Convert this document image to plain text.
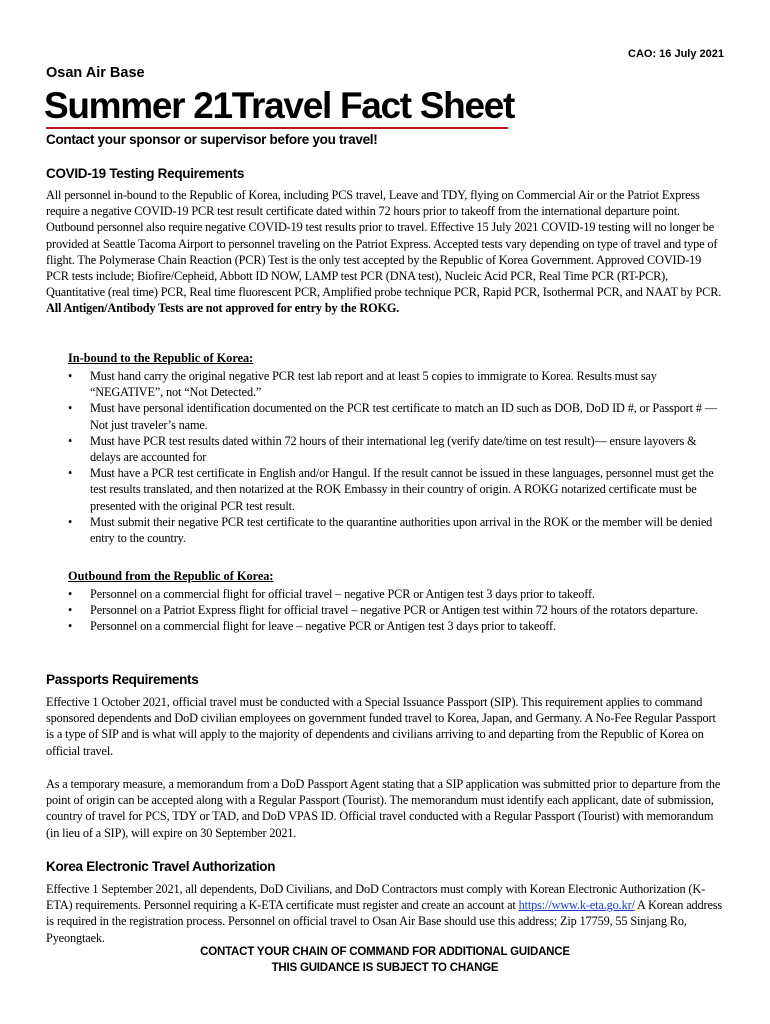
CAO: 16 July 2021
Osan Air Base
Summer 21Travel Fact Sheet
Contact your sponsor or supervisor before you travel!
COVID-19 Testing Requirements

All personnel in-bound to the Republic of Korea, including PCS travel, Leave and TDY, flying on Commercial Air or the Patriot Express require a negative COVID-19 PCR test result certificate dated within 72 hours prior to takeoff from the international departure point. Outbound personnel also require negative COVID-19 test results prior to travel. Effective 15 July 2021 COVID-19 testing will no longer be provided at Seattle Tacoma Airport to personnel traveling on the Patriot Express. Accepted tests vary depending on type of travel and type of flight. The Polymerase Chain Reaction (PCR) Test is the only test accepted by the Republic of Korea Government. Approved COVID-19 PCR tests include; Biofire/Cepheid, Abbott ID NOW, LAMP test PCR (DNA test), Nucleic Acid PCR, Real Time PCR (RT-PCR), Quantitative (real time) PCR, Real time fluorescent PCR, Amplified probe technique PCR, Rapid PCR, Isothermal PCR, and NAAT by PCR. All Antigen/Antibody Tests are not approved for entry by the ROKG.

In-bound to the Republic of Korea:

• Must hand carry the original negative PCR test lab report and at least 5 copies to immigrate to Korea. Results must say “NEGATIVE”, not “Not Detected.”
• Must have personal identification documented on the PCR test certificate to match an ID such as DOB, DoD ID #, or Passport # — Not just traveler’s name.
• Must have PCR test results dated within 72 hours of their international leg (verify date/time on test result)— ensure layovers & delays are accounted for
• Must have a PCR test certificate in English and/or Hangul. If the result cannot be issued in these languages, personnel must get the test results translated, and then notarized at the ROK Embassy in their country of origin. A ROKG notarized certificate must be presented with the original PCR test result.
• Must submit their negative PCR test certificate to the quarantine authorities upon arrival in the ROK or the member will be denied entry to the country.

Outbound from the Republic of Korea:

• Personnel on a commercial flight for official travel – negative PCR or Antigen test 3 days prior to takeoff.
• Personnel on a Patriot Express flight for official travel – negative PCR or Antigen test within 72 hours of the rotators departure.
• Personnel on a commercial flight for leave – negative PCR or Antigen test 3 days prior to takeoff.
Passports Requirements

Effective 1 October 2021, official travel must be conducted with a Special Issuance Passport (SIP). This requirement applies to command sponsored dependents and DoD civilian employees on government funded travel to Korea, Japan, and Germany. A No-Fee Regular Passport is a type of SIP and is what will apply to the majority of dependents and civilians arriving to and departing from the Republic of Korea on official travel.

As a temporary measure, a memorandum from a DoD Passport Agent stating that a SIP application was submitted prior to departure from the point of origin can be accepted along with a Regular Passport (Tourist). The memorandum must identify each applicant, date of submission, country of travel for PCS, TDY or TAD, and DoD VPAS ID. Official travel conducted with a Regular Passport (Tourist) with memorandum (in lieu of a SIP), will expire on 30 September 2021.

Korea Electronic Travel Authorization

Effective 1 September 2021, all dependents, DoD Civilians, and DoD Contractors must comply with Korean Electronic Authorization (K-ETA) requirements. Personnel requiring a K-ETA certificate must register and create an account at https://www.k-eta.go.kr/ A Korean address is required in the registration process. Personnel on official travel to Osan Air Base should use this address; Zip 17759, 55 Sinjang Ro, Pyeongtaek.

CONTACT YOUR CHAIN OF COMMAND FOR ADDITIONAL GUIDANCE
THIS GUIDANCE IS SUBJECT TO CHANGE
